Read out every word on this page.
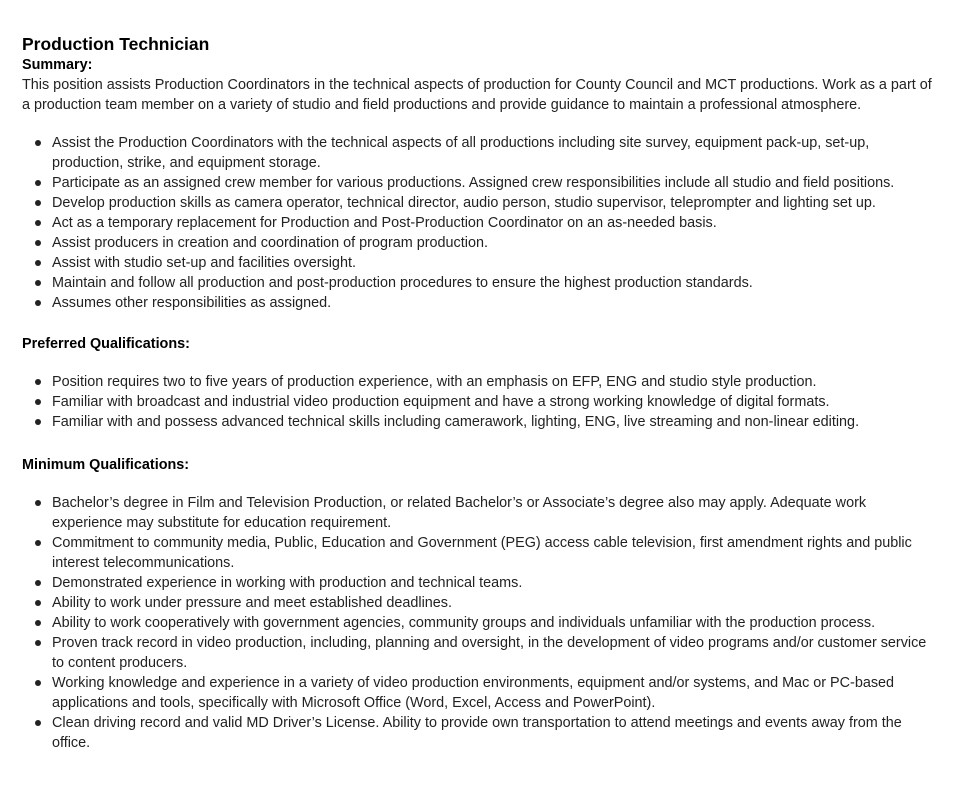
Production Technician
Summary:

This position assists Production Coordinators in the technical aspects of production for County Council and MCT productions. Work as a part of a production team member on a variety of studio and field productions and provide guidance to maintain a professional atmosphere.

Assist the Production Coordinators with the technical aspects of all productions including site survey, equipment pack-up, set-up, production, strike, and equipment storage.
Participate as an assigned crew member for various productions. Assigned crew responsibilities include all studio and field positions.
Develop production skills as camera operator, technical director, audio person, studio supervisor, teleprompter and lighting set up.
Act as a temporary replacement for Production and Post-Production Coordinator on an as-needed basis.
Assist producers in creation and coordination of program production.
Assist with studio set-up and facilities oversight.
Maintain and follow all production and post-production procedures to ensure the highest production standards.
Assumes other responsibilities as assigned.
Preferred Qualifications:
Position requires two to five years of production experience, with an emphasis on EFP, ENG and studio style production.
Familiar with broadcast and industrial video production equipment and have a strong working knowledge of digital formats.
Familiar with and possess advanced technical skills including camerawork, lighting, ENG, live streaming and non-linear editing.
Minimum Qualifications:
Bachelor’s degree in Film and Television Production, or related Bachelor’s or Associate’s degree also may apply. Adequate work experience may substitute for education requirement.
Commitment to community media, Public, Education and Government (PEG) access cable television, first amendment rights and public interest telecommunications.
Demonstrated experience in working with production and technical teams.
Ability to work under pressure and meet established deadlines.
Ability to work cooperatively with government agencies, community groups and individuals unfamiliar with the production process.
Proven track record in video production, including, planning and oversight, in the development of video programs and/or customer service to content producers.
Working knowledge and experience in a variety of video production environments, equipment and/or systems, and Mac or PC-based applications and tools, specifically with Microsoft Office (Word, Excel, Access and PowerPoint).
Clean driving record and valid MD Driver’s License. Ability to provide own transportation to attend meetings and events away from the office.
